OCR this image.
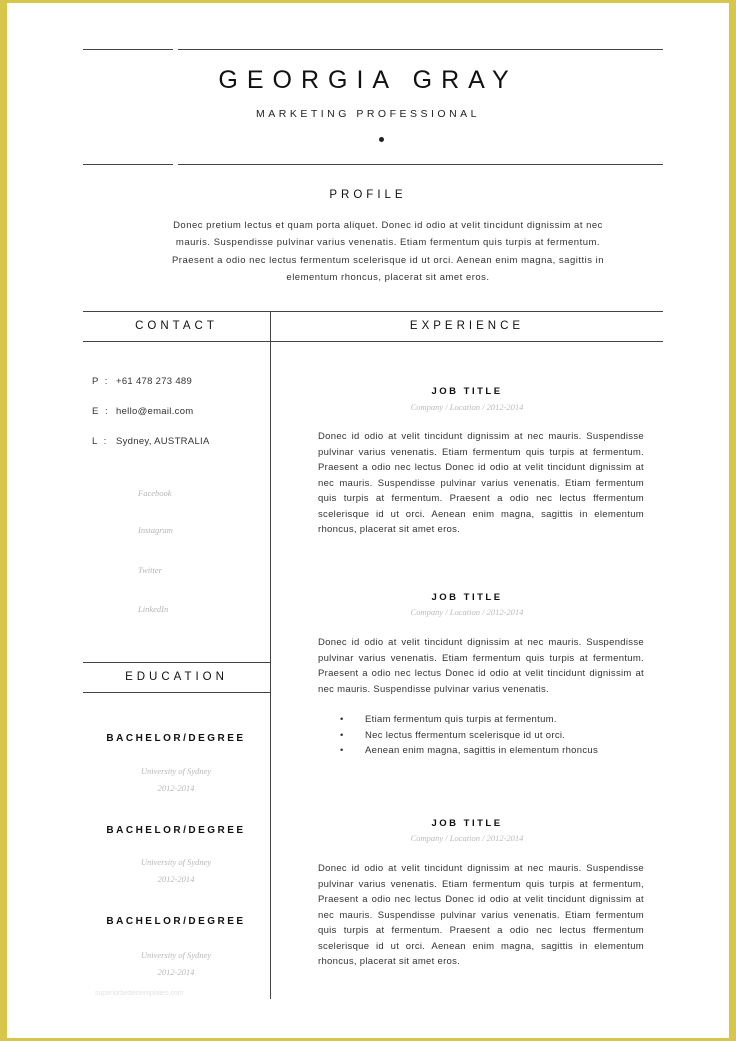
GEORGIA GRAY
MARKETING PROFESSIONAL
PROFILE
Donec pretium lectus et quam porta aliquet. Donec id odio at velit tincidunt dignissim at nec mauris. Suspendisse pulvinar varius venenatis. Etiam fermentum quis turpis at fermentum. Praesent a odio nec lectus fermentum scelerisque id ut orci. Aenean enim magna, sagittis in elementum rhoncus, placerat sit amet eros.
CONTACT	EXPERIENCE
P : +61 478 273 489
E : hello@email.com
L : Sydney, AUSTRALIA
Facebook
Instagram
Twitter
LinkedIn
EDUCATION
BACHELOR/DEGREE
University of Sydney
2012-2014
BACHELOR/DEGREE
University of Sydney
2012-2014
BACHELOR/DEGREE
University of Sydney
2012-2014
JOB TITLE
Company / Location / 2012-2014
Donec id odio at velit tincidunt dignissim at nec mauris. Suspendisse pulvinar varius venenatis. Etiam fermentum quis turpis at fermentum. Praesent a odio nec lectus Donec id odio at velit tincidunt dignissim at nec mauris. Suspendisse pulvinar varius venenatis. Etiam fermentum quis turpis at fermentum. Praesent a odio nec lectus ffermentum scelerisque id ut orci. Aenean enim magna, sagittis in elementum rhoncus, placerat sit amet eros.
JOB TITLE
Company / Location / 2012-2014
Donec id odio at velit tincidunt dignissim at nec mauris. Suspendisse pulvinar varius venenatis. Etiam fermentum quis turpis at fermentum. Praesent a odio nec lectus Donec id odio at velit tincidunt dignissim at nec mauris. Suspendisse pulvinar varius venenatis.
• Etiam fermentum quis turpis at fermentum.
• Nec lectus ffermentum scelerisque id ut orci.
• Aenean enim magna, sagittis in elementum rhoncus
JOB TITLE
Company / Location / 2012-2014
Donec id odio at velit tincidunt dignissim at nec mauris. Suspendisse pulvinar varius venenatis. Etiam fermentum quis turpis at fermentum, Praesent a odio nec lectus Donec id odio at velit tincidunt dignissim at nec mauris. Suspendisse pulvinar varius venenatis. Etiam fermentum quis turpis at fermentum. Praesent a odio nec lectus ffermentum scelerisque id ut orci. Aenean enim magna, sagittis in elementum rhoncus, placerat sit amet eros.
superiorbettertemplates.com
